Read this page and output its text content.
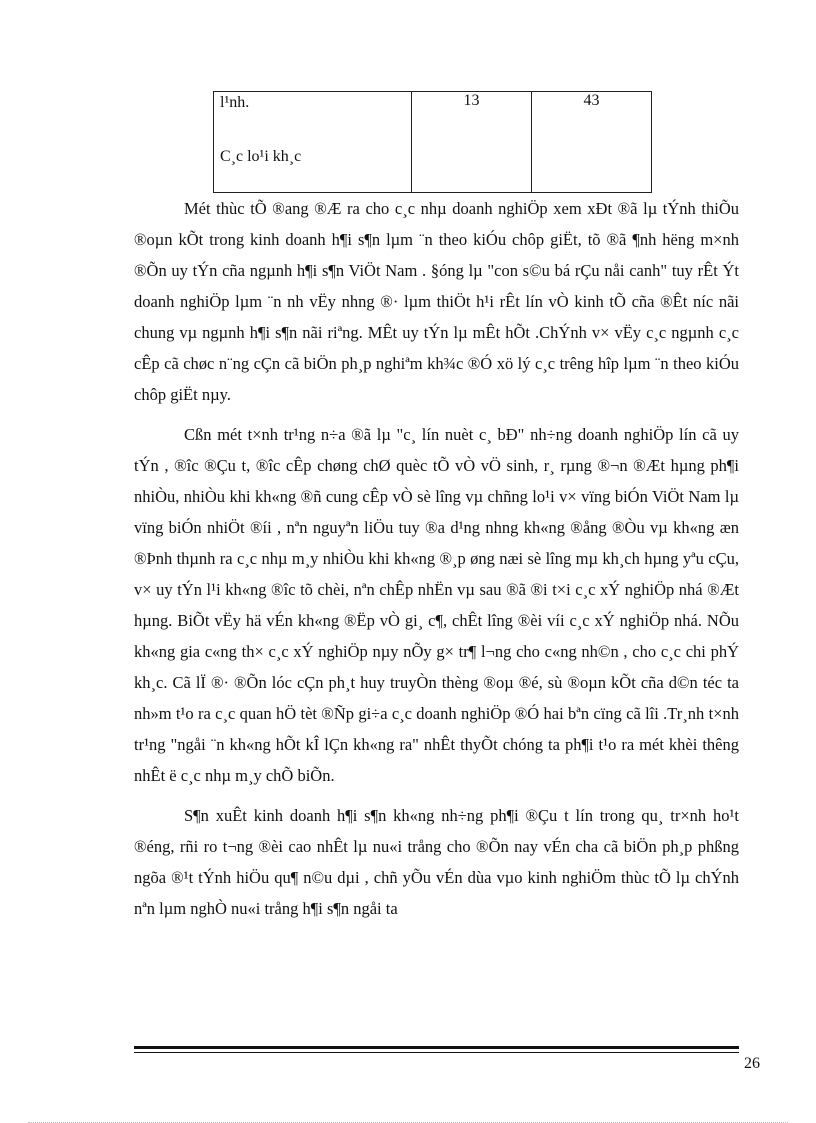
l¹nh.
C¸c lo¹i kh¸c
	13	43

Mét thùc tÕ ®ang ®Æ ra cho c¸c nhµ doanh nghiÖp xem xÐt ®ã lµ tÝnh thiÕu ®oµn kÕt trong kinh doanh h¶i s¶n lµm ¨n theo kiÓu chôp giËt, tõ ®ã ¶nh hëng m×nh ®Õn uy tÝn cña ngµnh h¶i s¶n ViÖt Nam . §óng lµ "con s©u bá rÇu nåi canh" tuy rÊt Ýt doanh nghiÖp lµm ¨n nh vËy nhng ®· lµm thiÖt h¹i rÊt lín vÒ kinh tÕ cña ®Êt níc nãi chung vµ ngµnh h¶i s¶n nãi riªng. MÊt uy tÝn lµ mÊt hÕt .ChÝnh v× vËy c¸c ngµnh c¸c cÊp cã chøc n¨ng cÇn cã biÖn ph¸p nghiªm kh¾c ®Ó xö lý c¸c trêng hîp lµm ¨n theo kiÓu chôp giËt nµy.

Cßn mét t×nh tr¹ng n÷a ®ã lµ "c¸ lín nuèt c¸ bÐ" nh÷ng doanh nghiÖp lín cã uy tÝn , ®îc ®Çu t, ®îc cÊp chøng chØ quèc tÕ vÒ vÖ sinh, r¸ rµng ®¬n ®Æt hµng ph¶i nhiÒu, nhiÒu khi kh«ng ®ñ cung cÊp vÒ sè lîng vµ chñng lo¹i v× vïng biÓn ViÖt Nam lµ vïng biÓn nhiÖt ®íi , nªn nguyªn liÖu tuy ®a d¹ng nhng kh«ng ®ång ®Òu vµ kh«ng æn ®Þnh thµnh ra c¸c nhµ m¸y nhiÒu khi kh«ng ®¸p øng næi sè lîng mµ kh¸ch hµng yªu cÇu, v× uy tÝn l¹i kh«ng ®îc tõ chèi, nªn chÊp nhËn vµ sau ®ã ®i t×i c¸c xÝ nghiÖp nhá ®Æt hµng. BiÕt vËy hä vÉn kh«ng ®Ëp vÒ gi¸ c¶, chÊt lîng ®èi víi c¸c xÝ nghiÖp nhá. NÕu kh«ng gia c«ng th× c¸c xÝ nghiÖp nµy nÕy g× tr¶ l¬ng cho c«ng nh©n , cho c¸c chi phÝ kh¸c. Cã lÏ ®· ®Õn lóc cÇn ph¸t huy truyÒn thèng ®oµ ®é, sù ®oµn kÕt cña d©n téc ta nh»m t¹o ra c¸c quan hÖ tèt ®Ñp gi÷a c¸c doanh nghiÖp ®Ó hai bªn cïng cã lîi .Tr¸nh t×nh tr¹ng "ngåi ¨n kh«ng hÕt kÎ lÇn kh«ng ra" nhÊt thyÕt chóng ta ph¶i t¹o ra mét khèi thêng nhÊt ë c¸c nhµ m¸y chÕ biÕn.

S¶n xuÊt kinh doanh h¶i s¶n kh«ng nh÷ng ph¶i ®Çu t lín trong qu¸ tr×nh ho¹t ®éng, rñi ro t¬ng ®èi cao nhÊt lµ nu«i trång cho ®Õn nay vÉn cha cã biÖn ph¸p phßng ngõa ®¹t tÝnh hiÖu qu¶ n©u dµi , chñ yÕu vÉn dùa vµo kinh nghiÖm thùc tÕ lµ chÝnh nªn lµm nghÒ nu«i trång h¶i s¶n ngåi ta

26
